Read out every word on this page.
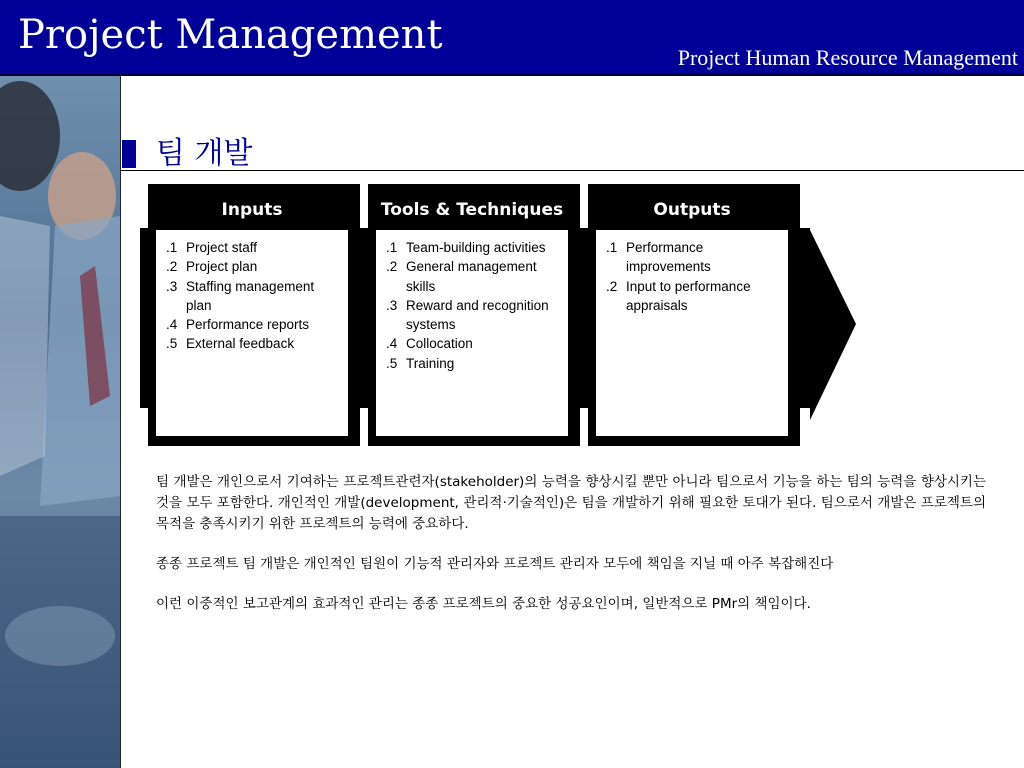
Project Management	Project Human Resource Management
팀 개발
Inputs
.1 Project staff
.2 Project plan
.3 Staffing management plan
.4 Performance reports
.5 External feedback
Tools & Techniques
.1 Team-building activities
.2 General management skills
.3 Reward and recognition systems
.4 Collocation
.5 Training
Outputs
.1 Performance improvements
.2 Input to performance appraisals

팀 개발은 개인으로서 기여하는 프로젝트관련자(stakeholder)의 능력을 향상시킬 뿐만 아니라 팀으로서 기능을 하는 팀의 능력을 향상시키는 것을 모두 포함한다. 개인적인 개발(development, 관리적·기술적인)은 팀을 개발하기 위해 필요한 토대가 된다. 팀으로서 개발은 프로젝트의 목적을 충족시키기 위한 프로젝트의 능력에 중요하다.

종종 프로젝트 팀 개발은 개인적인 팀원이 기능적 관리자와 프로젝트 관리자 모두에 책임을 지닐 때 아주 복잡해진다

이런 이중적인 보고관계의 효과적인 관리는 종종 프로젝트의 중요한 성공요인이며, 일반적으로 PMr의 책임이다.
